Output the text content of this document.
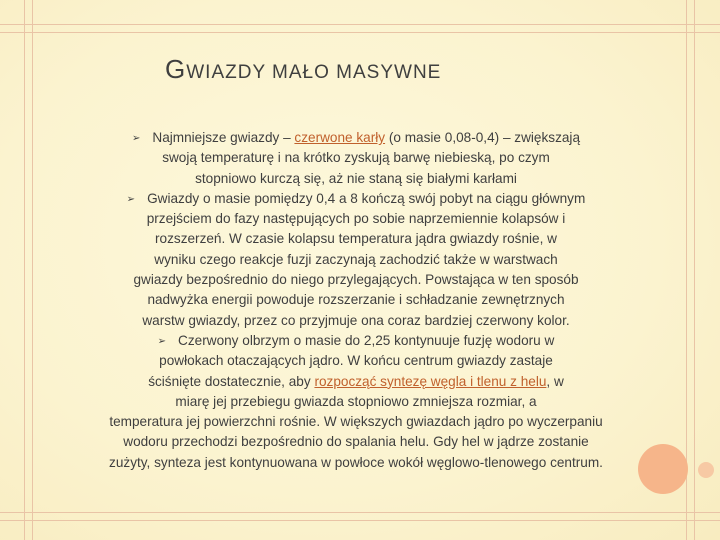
GWIAZDY MAŁO MASYWNE
➢ Najmniejsze gwiazdy – czerwone karły (o masie 0,08-0,4) – zwiększają
swoją temperaturę i na krótko zyskują barwę niebieską, po czym
stopniowo kurczą się, aż nie staną się białymi karłami
➢ Gwiazdy o masie pomiędzy 0,4 a 8 kończą swój pobyt na ciągu głównym
przejściem do fazy następujących po sobie naprzemiennie kolapsów i
rozszerzeń. W czasie kolapsu temperatura jądra gwiazdy rośnie, w
wyniku czego reakcje fuzji zaczynają zachodzić także w warstwach
gwiazdy bezpośrednio do niego przylegających. Powstająca w ten sposób
nadwyżka energii powoduje rozszerzanie i schładzanie zewnętrznych
warstw gwiazdy, przez co przyjmuje ona coraz bardziej czerwony kolor.
➢ Czerwony olbrzym o masie do 2,25 kontynuuje fuzję wodoru w
powłokach otaczających jądro. W końcu centrum gwiazdy zastaje
ściśnięte dostatecznie, aby rozpocząć syntezę węgla i tlenu z helu, w
miarę jej przebiegu gwiazda stopniowo zmniejsza rozmiar, a
temperatura jej powierzchni rośnie. W większych gwiazdach jądro po wyczerpaniu
wodoru przechodzi bezpośrednio do spalania helu. Gdy hel w jądrze zostanie
zużyty, synteza jest kontynuowana w powłoce wokół węglowo-tlenowego centrum.
